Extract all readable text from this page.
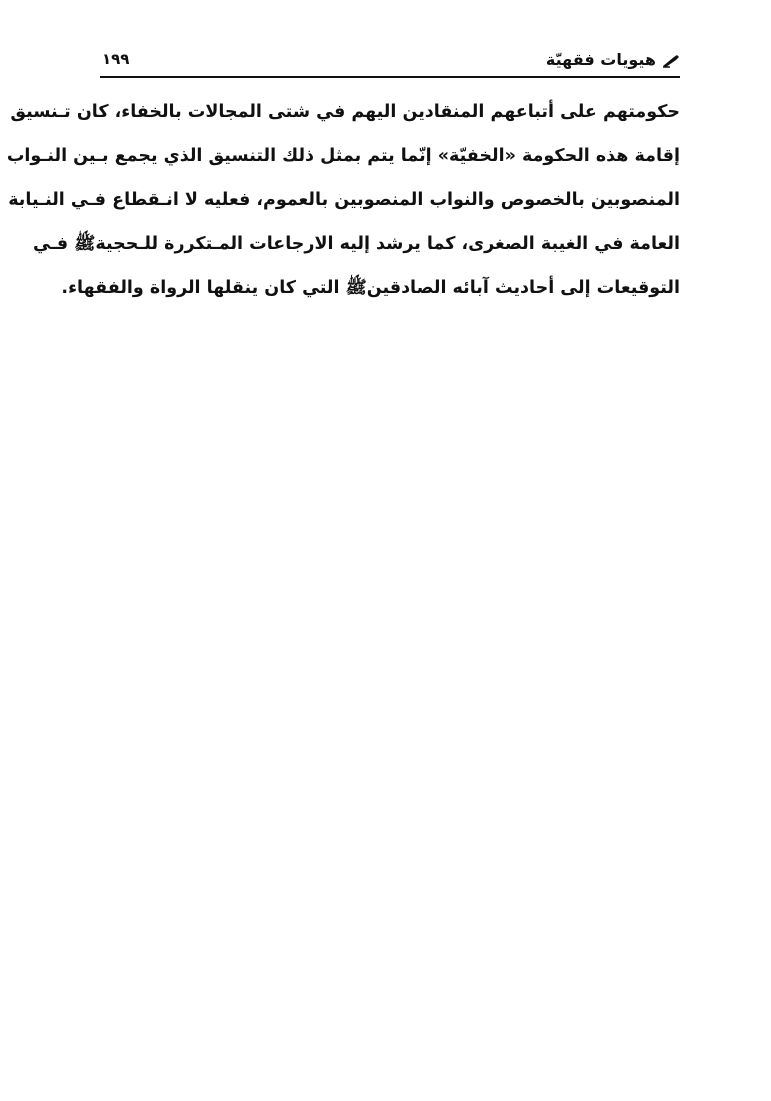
هيويات فقهيّة
١٩٩
حكومتهم على أتباعهم المنقادين اليهم في شتى المجالات بالخفاء، كان تـنسيق
إقامة هذه الحكومة «الخفيّة» إنّما يتم بمثل ذلك التنسيق الذي يجمع بـين النـواب
المنصوبين بالخصوص والنواب المنصوبين بالعموم، فعليه لا انـقطاع فـي النـيابة
العامة في الغيبة الصغرى، كما يرشد إليه الارجاعات المـتكررة للـحجيةﷺ فـي
التوقيعات إلى أحاديث آبائه الصادقينﷺ التي كان ينقلها الرواة والفقهاء.
